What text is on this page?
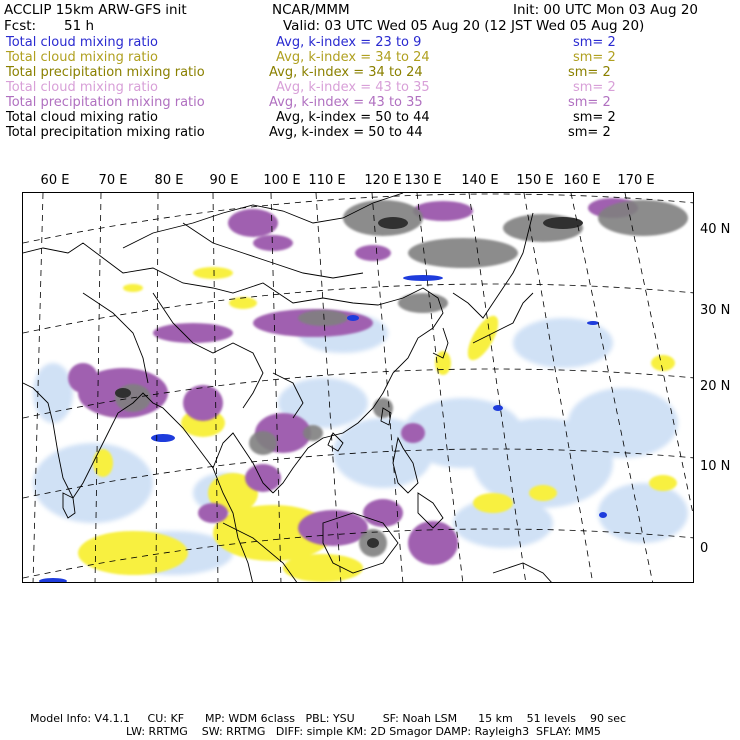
ACCLIP 15km ARW-GFS init	NCAR/MMM	Init: 00 UTC Mon 03 Aug 20
Fcst: 51 h	Valid: 03 UTC Wed 05 Aug 20 (12 JST Wed 05 Aug 20)
Total cloud mixing ratio	Avg, k-index = 23 to 9	sm= 2
Total cloud mixing ratio	Avg, k-index = 34 to 24	sm= 2
Total precipitation mixing ratio	Avg, k-index = 34 to 24	sm= 2
Total cloud mixing ratio	Avg, k-index = 43 to 35	sm= 2
Total precipitation mixing ratio	Avg, k-index = 43 to 35	sm= 2
Total cloud mixing ratio	Avg, k-index = 50 to 44	sm= 2
Total precipitation mixing ratio	Avg, k-index = 50 to 44	sm= 2
60 E	70 E	80 E	90 E	100 E 110 E	120 E 130 E	140 E	150 E 160 E	170 E
40 N
30 N
20 N
10 N
0
Model Info: V4.1.1     CU: KF      MP: WDM 6class   PBL: YSU        SF: Noah LSM      15 km    51 levels    90 sec
LW: RRTMG    SW: RRTMG   DIFF: simple KM: 2D Smagor DAMP: Rayleigh3  SFLAY: MM5
